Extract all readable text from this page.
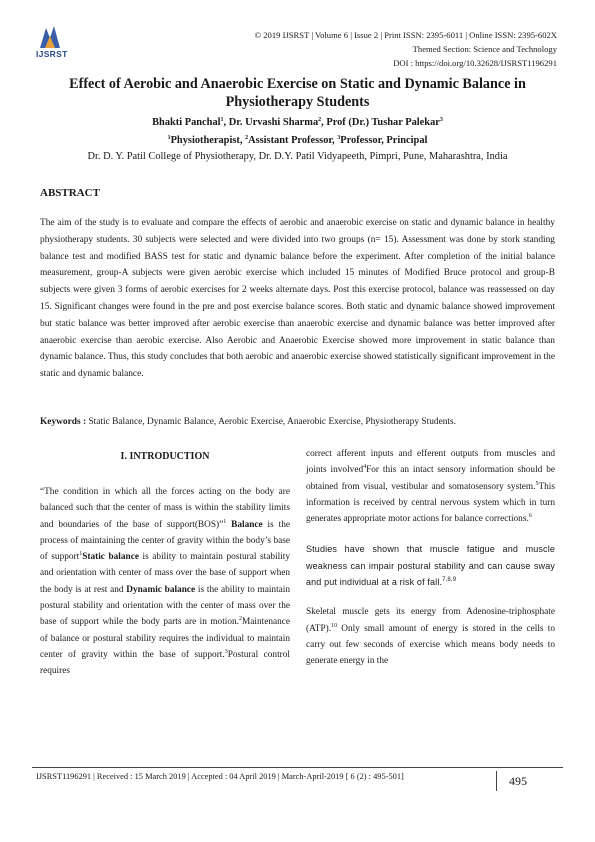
IJSRST
© 2019 IJSRST | Volume 6 | Issue 2 | Print ISSN: 2395-6011 | Online ISSN: 2395-602X
Themed Section: Science and Technology
DOI : https://doi.org/10.32628/IJSRST1196291
Effect of Aerobic and Anaerobic Exercise on Static and Dynamic Balance in
Physiotherapy Students
Bhakti Panchal$^1$, Dr. Urvashi Sharma$^2$, Prof (Dr.) Tushar Palekar$^3$
$^1$Physiotherapist, $^2$Assistant Professor, $^3$Professor, Principal
Dr. D. Y. Patil College of Physiotherapy, Dr. D.Y. Patil Vidyapeeth, Pimpri, Pune, Maharashtra, India
ABSTRACT
The aim of the study is to evaluate and compare the effects of aerobic and anaerobic exercise on static and dynamic balance in healthy physiotherapy students. 30 subjects were selected and were divided into two groups (n= 15). Assessment was done by stork standing balance test and modified BASS test for static and dynamic balance before the experiment. After completion of the initial balance measurement, group-A subjects were given aerobic exercise which included 15 minutes of Modified Bruce protocol and group-B subjects were given 3 forms of aerobic exercises for 2 weeks alternate days. Post this exercise protocol, balance was reassessed on day 15. Significant changes were found in the pre and post exercise balance scores. Both static and dynamic balance showed improvement but static balance was better improved after aerobic exercise than anaerobic exercise and dynamic balance was better improved after anaerobic exercise than aerobic exercise. Also Aerobic and Anaerobic Exercise showed more improvement in static balance than dynamic balance. Thus, this study concludes that both aerobic and anaerobic exercise showed statistically significant improvement in the static and dynamic balance.
Keywords : Static Balance, Dynamic Balance, Aerobic Exercise, Anaerobic Exercise, Physiotherapy Students.
I. INTRODUCTION

“The condition in which all the forces acting on the body are balanced such that the center of mass is within the stability limits and boundaries of the base of support(BOS)”$^1$ Balance is the process of maintaining the center of gravity within the body’s base of support$^1$Static balance is ability to maintain postural stability and orientation with center of mass over the base of support when the body is at rest and Dynamic balance is the ability to maintain postural stability and orientation with the center of mass over the base of support while the body parts are in motion.$^2$Maintenance of balance or postural stability requires the individual to maintain center of gravity within the base of support.$^3$Postural control requires

correct afferent inputs and efferent outputs from muscles and joints involved$^4$For this an intact sensory information should be obtained from visual, vestibular and somatosensory system.$^5$This information is received by central nervous system which in turn generates appropriate motor actions for balance corrections.$^6$

Studies have shown that muscle fatigue and muscle weakness can impair postural stability and can cause sway and put individual at a risk of fall.$^{7,8,9}$

Skeletal muscle gets its energy from Adenosine-triphosphate (ATP).$^{10}$ Only small amount of energy is stored in the cells to carry out few seconds of exercise which means body needs to generate energy in the

IJSRST1196291 | Received : 15 March 2019 | Accepted : 04 April 2019 | March-April-2019 [ 6 (2) : 495-501]	495
